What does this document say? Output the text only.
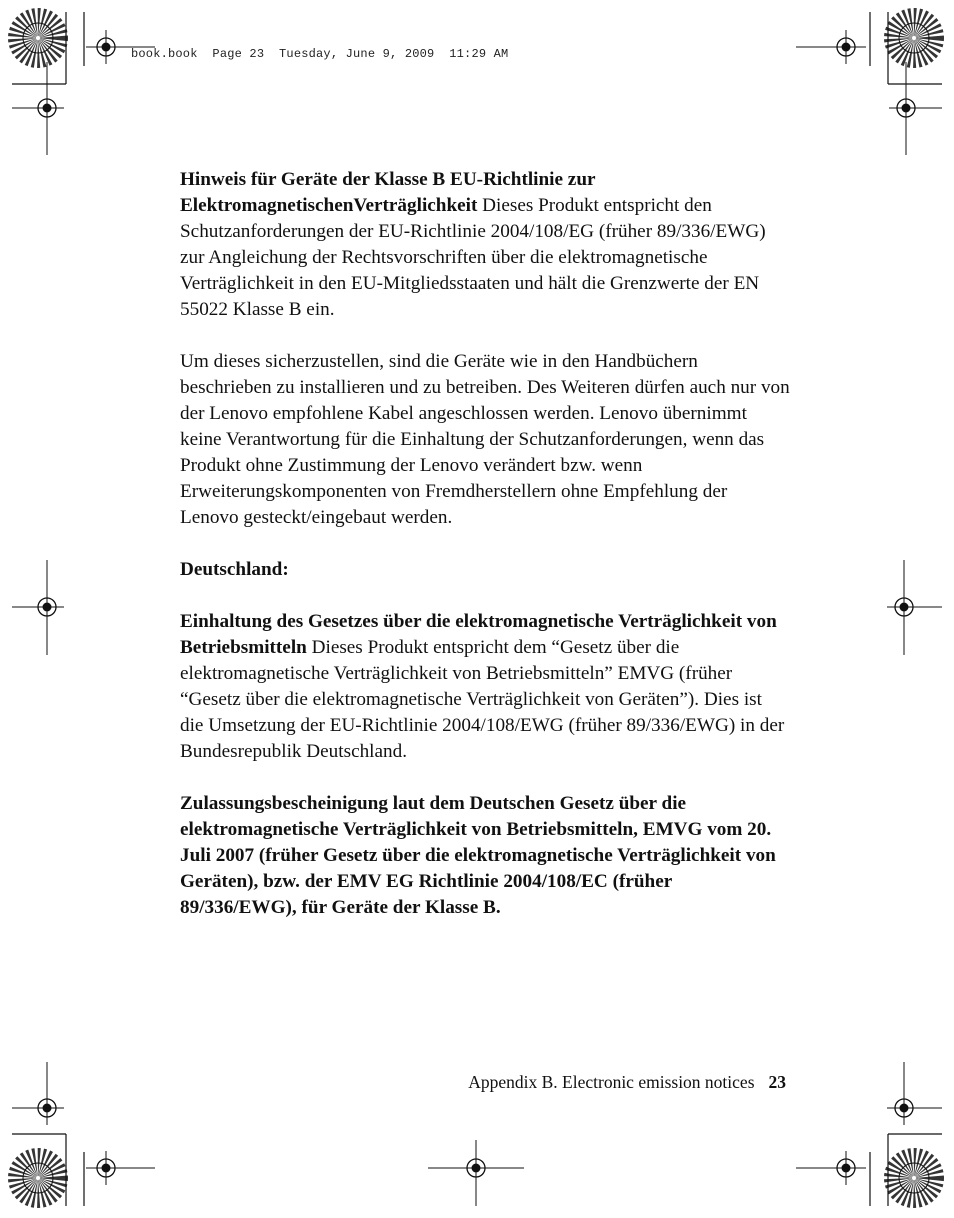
book.book  Page 23  Tuesday, June 9, 2009  11:29 AM

Hinweis für Geräte der Klasse B EU-Richtlinie zur ElektromagnetischenVerträglichkeit Dieses Produkt entspricht den Schutzanforderungen der EU-Richtlinie 2004/108/EG (früher 89/336/EWG) zur Angleichung der Rechtsvorschriften über die elektromagnetische Verträglichkeit in den EU-Mitgliedsstaaten und hält die Grenzwerte der EN 55022 Klasse B ein.

Um dieses sicherzustellen, sind die Geräte wie in den Handbüchern beschrieben zu installieren und zu betreiben. Des Weiteren dürfen auch nur von der Lenovo empfohlene Kabel angeschlossen werden. Lenovo übernimmt keine Verantwortung für die Einhaltung der Schutzanforderungen, wenn das Produkt ohne Zustimmung der Lenovo verändert bzw. wenn Erweiterungskomponenten von Fremdherstellern ohne Empfehlung der Lenovo gesteckt/eingebaut werden.

Deutschland:

Einhaltung des Gesetzes über die elektromagnetische Verträglichkeit von Betriebsmitteln Dieses Produkt entspricht dem “Gesetz über die elektromagnetische Verträglichkeit von Betriebsmitteln” EMVG (früher “Gesetz über die elektromagnetische Verträglichkeit von Geräten”). Dies ist die Umsetzung der EU-Richtlinie 2004/108/EWG (früher 89/336/EWG) in der Bundesrepublik Deutschland.

Zulassungsbescheinigung laut dem Deutschen Gesetz über die elektromagnetische Verträglichkeit von Betriebsmitteln, EMVG vom 20. Juli 2007 (früher Gesetz über die elektromagnetische Verträglichkeit von Geräten), bzw. der EMV EG Richtlinie 2004/108/EC (früher 89/336/EWG), für Geräte der Klasse B.

Appendix B. Electronic emission notices 23
